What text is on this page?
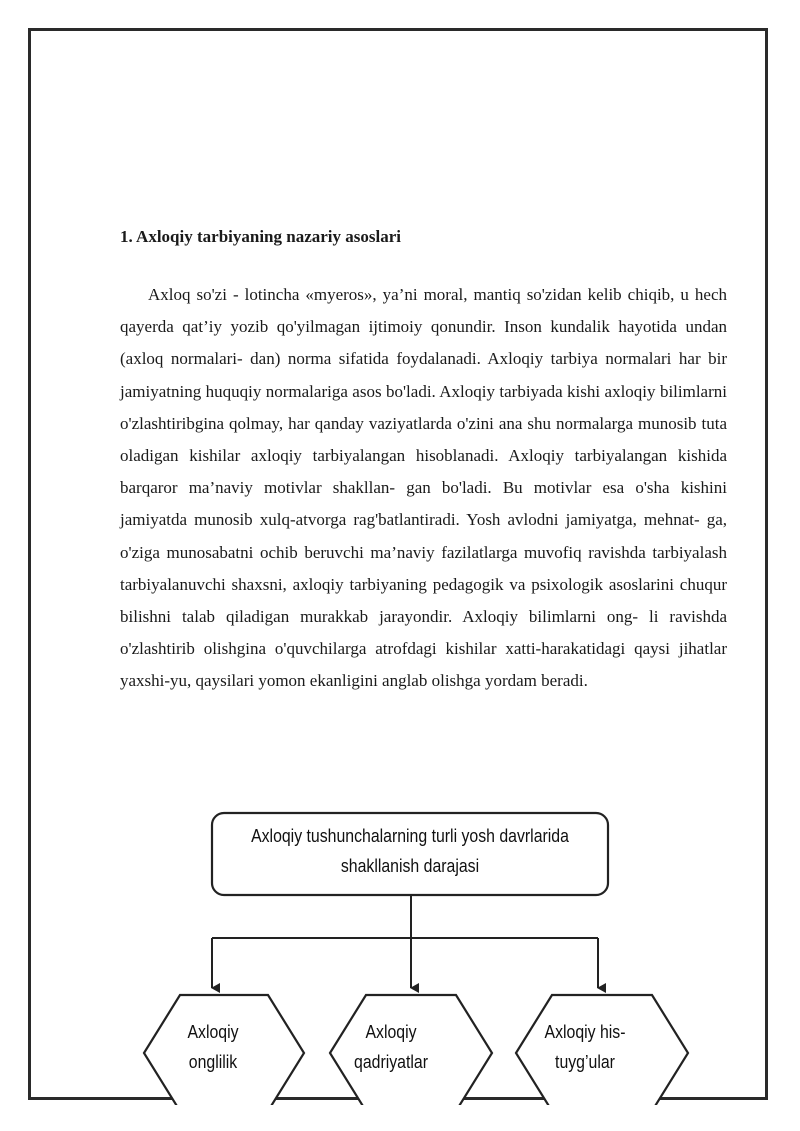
1. Axloqiy tarbiyaning nazariy asoslari

Axloq so'zi - lotincha «myeros», ya’ni moral, mantiq so'zidan kelib chiqib, u hech qayerda qat’iy yozib qo'yilmagan ijtimoiy qonundir. Inson kundalik hayotida undan (axloq normalari- dan) norma sifatida foydalanadi. Axloqiy tarbiya normalari har bir jamiyatning huquqiy normalariga asos bo'ladi. Axloqiy tarbiyada kishi axloqiy bilimlarni o'zlashtiribgina qolmay, har qanday vaziyatlarda o'zini ana shu normalarga munosib tuta oladigan kishilar axloqiy tarbiyalangan hisoblanadi. Axloqiy tarbiyalangan kishida barqaror ma’naviy motivlar shakllan- gan bo'ladi. Bu motivlar esa o'sha kishini jamiyatda munosib xulq-atvorga rag'batlantiradi. Yosh avlodni jamiyatga, mehnat- ga, o'ziga munosabatni ochib beruvchi ma’naviy fazilatlarga muvofiq ravishda tarbiyalash tarbiyalanuvchi shaxsni, axloqiy tarbiyaning pedagogik va psixologik asoslarini chuqur bilishni talab qiladigan murakkab jarayondir. Axloqiy bilimlarni ong- li ravishda o'zlashtirib olishgina o'quvchilarga atrofdagi kishilar xatti-harakatidagi qaysi jihatlar yaxshi-yu, qaysilari yomon ekanligini anglab olishga yordam beradi.

Axloqiy tushunchalarning turli yosh davrlarida
shakllanish darajasi
Axloqiy
onglilik
Axloqiy
qadriyatlar
Axloqiy his-
tuyg’ular
